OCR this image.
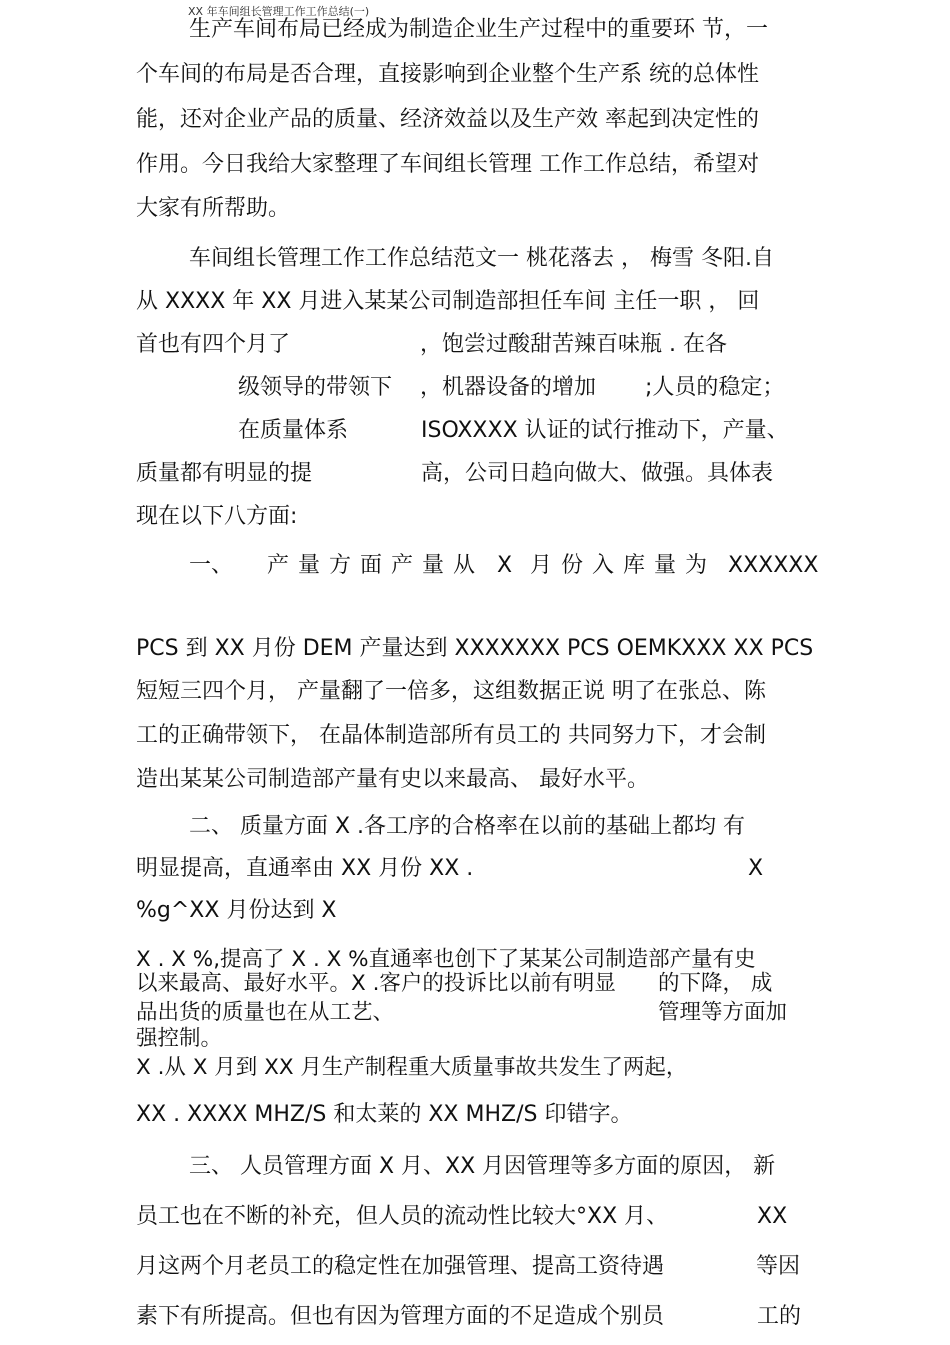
XX 年车间组长管理工作工作总结(一)
生产车间布局已经成为制造企业生产过程中的重要环 节，一
个车间的布局是否合理，直接影响到企业整个生产系 统的总体性
能，还对企业产品的质量、经济效益以及生产效 率起到决定性的
作用。今日我给大家整理了车间组长管理 工作工作总结，希望对
大家有所帮助。
车间组长管理工作工作总结范文一 桃花落去 ， 梅雪 冬阳.自
从 XXXX 年 XX 月进入某某公司制造部担任车间 主任一职 ， 回
首也有四个月了	，饱尝过酸甜苦辣百味瓶 . 在各
级领导的带领下 ，机器设备的增加 ;人员的稳定；
在质量体系	ISOXXXX 认证的试行推动下，产量、
质量都有明显的提	高，公司日趋向做大、做强。具体表
现在以下八方面:
一、 产量方面产量从 X 月份入库量为 XXXXXX
PCS 到 XX 月份 DEM 产量达到 XXXXXXX PCS OEMKXXX XX PCS
短短三四个月， 产量翻了一倍多，这组数据正说 明了在张总、陈
工的正确带领下， 在晶体制造部所有员工的 共同努力下，才会制
造出某某公司制造部产量有史以来最高、 最好水平。
二、 质量方面 X .各工序的合格率在以前的基础上都均 有
明显提高，直通率由 XX 月份 XX .	X
%g^XX 月份达到 X
X . X %,提高了 X . X %直通率也创下了某某公司制造部产量有史
以来最高、最好水平。X .客户的投诉比以前有明显 的下降， 成
品出货的质量也在从工艺、	管理等方面加
强控制。
X .从 X 月到 XX 月生产制程重大质量事故共发生了两起，
XX . XXXX MHZ/S 和太莱的 XX MHZ/S 印错字。
三、 人员管理方面 X 月、XX 月因管理等多方面的原因， 新
员工也在不断的补充，但人员的流动性比较大°XX 月、	XX
月这两个月老员工的稳定性在加强管理、提高工资待遇	等因
素下有所提高。但也有因为管理方面的不足造成个别员	工的
